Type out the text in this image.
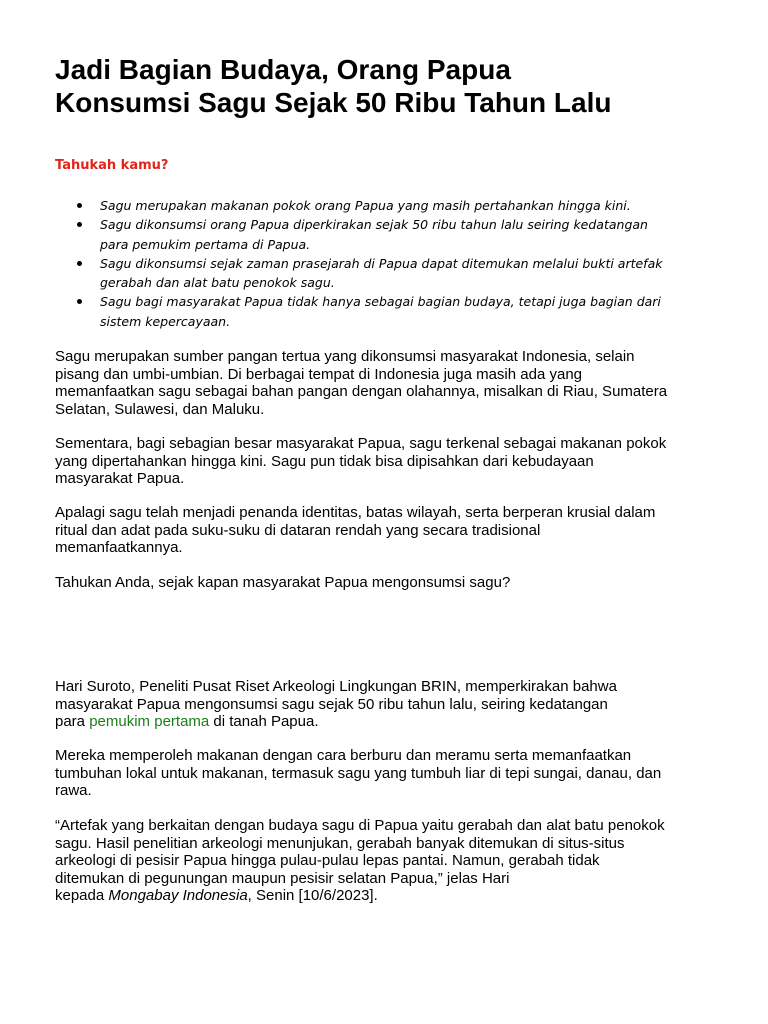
Jadi Bagian Budaya, Orang Papua
Konsumsi Sagu Sejak 50 Ribu Tahun Lalu

Tahukah kamu?

Sagu merupakan makanan pokok orang Papua yang masih pertahankan hingga kini.
Sagu dikonsumsi orang Papua diperkirakan sejak 50 ribu tahun lalu seiring kedatangan
para pemukim pertama di Papua.
Sagu dikonsumsi sejak zaman prasejarah di Papua dapat ditemukan melalui bukti artefak
gerabah dan alat batu penokok sagu.
Sagu bagi masyarakat Papua tidak hanya sebagai bagian budaya, tetapi juga bagian dari
sistem kepercayaan.

Sagu merupakan sumber pangan tertua yang dikonsumsi masyarakat Indonesia, selain
pisang dan umbi-umbian. Di berbagai tempat di Indonesia juga masih ada yang
memanfaatkan sagu sebagai bahan pangan dengan olahannya, misalkan di Riau, Sumatera
Selatan, Sulawesi, dan Maluku.

Sementara, bagi sebagian besar masyarakat Papua, sagu terkenal sebagai makanan pokok
yang dipertahankan hingga kini. Sagu pun tidak bisa dipisahkan dari kebudayaan
masyarakat Papua.

Apalagi sagu telah menjadi penanda identitas, batas wilayah, serta berperan krusial dalam
ritual dan adat pada suku-suku di dataran rendah yang secara tradisional
memanfaatkannya.

Tahukan Anda, sejak kapan masyarakat Papua mengonsumsi sagu?

Hari Suroto, Peneliti Pusat Riset Arkeologi Lingkungan BRIN, memperkirakan bahwa
masyarakat Papua mengonsumsi sagu sejak 50 ribu tahun lalu, seiring kedatangan
para pemukim pertama di tanah Papua.

Mereka memperoleh makanan dengan cara berburu dan meramu serta memanfaatkan
tumbuhan lokal untuk makanan, termasuk sagu yang tumbuh liar di tepi sungai, danau, dan
rawa.

“Artefak yang berkaitan dengan budaya sagu di Papua yaitu gerabah dan alat batu penokok
sagu. Hasil penelitian arkeologi menunjukan, gerabah banyak ditemukan di situs-situs
arkeologi di pesisir Papua hingga pulau-pulau lepas pantai. Namun, gerabah tidak
ditemukan di pegunungan maupun pesisir selatan Papua,” jelas Hari
kepada Mongabay Indonesia, Senin [10/6/2023].
